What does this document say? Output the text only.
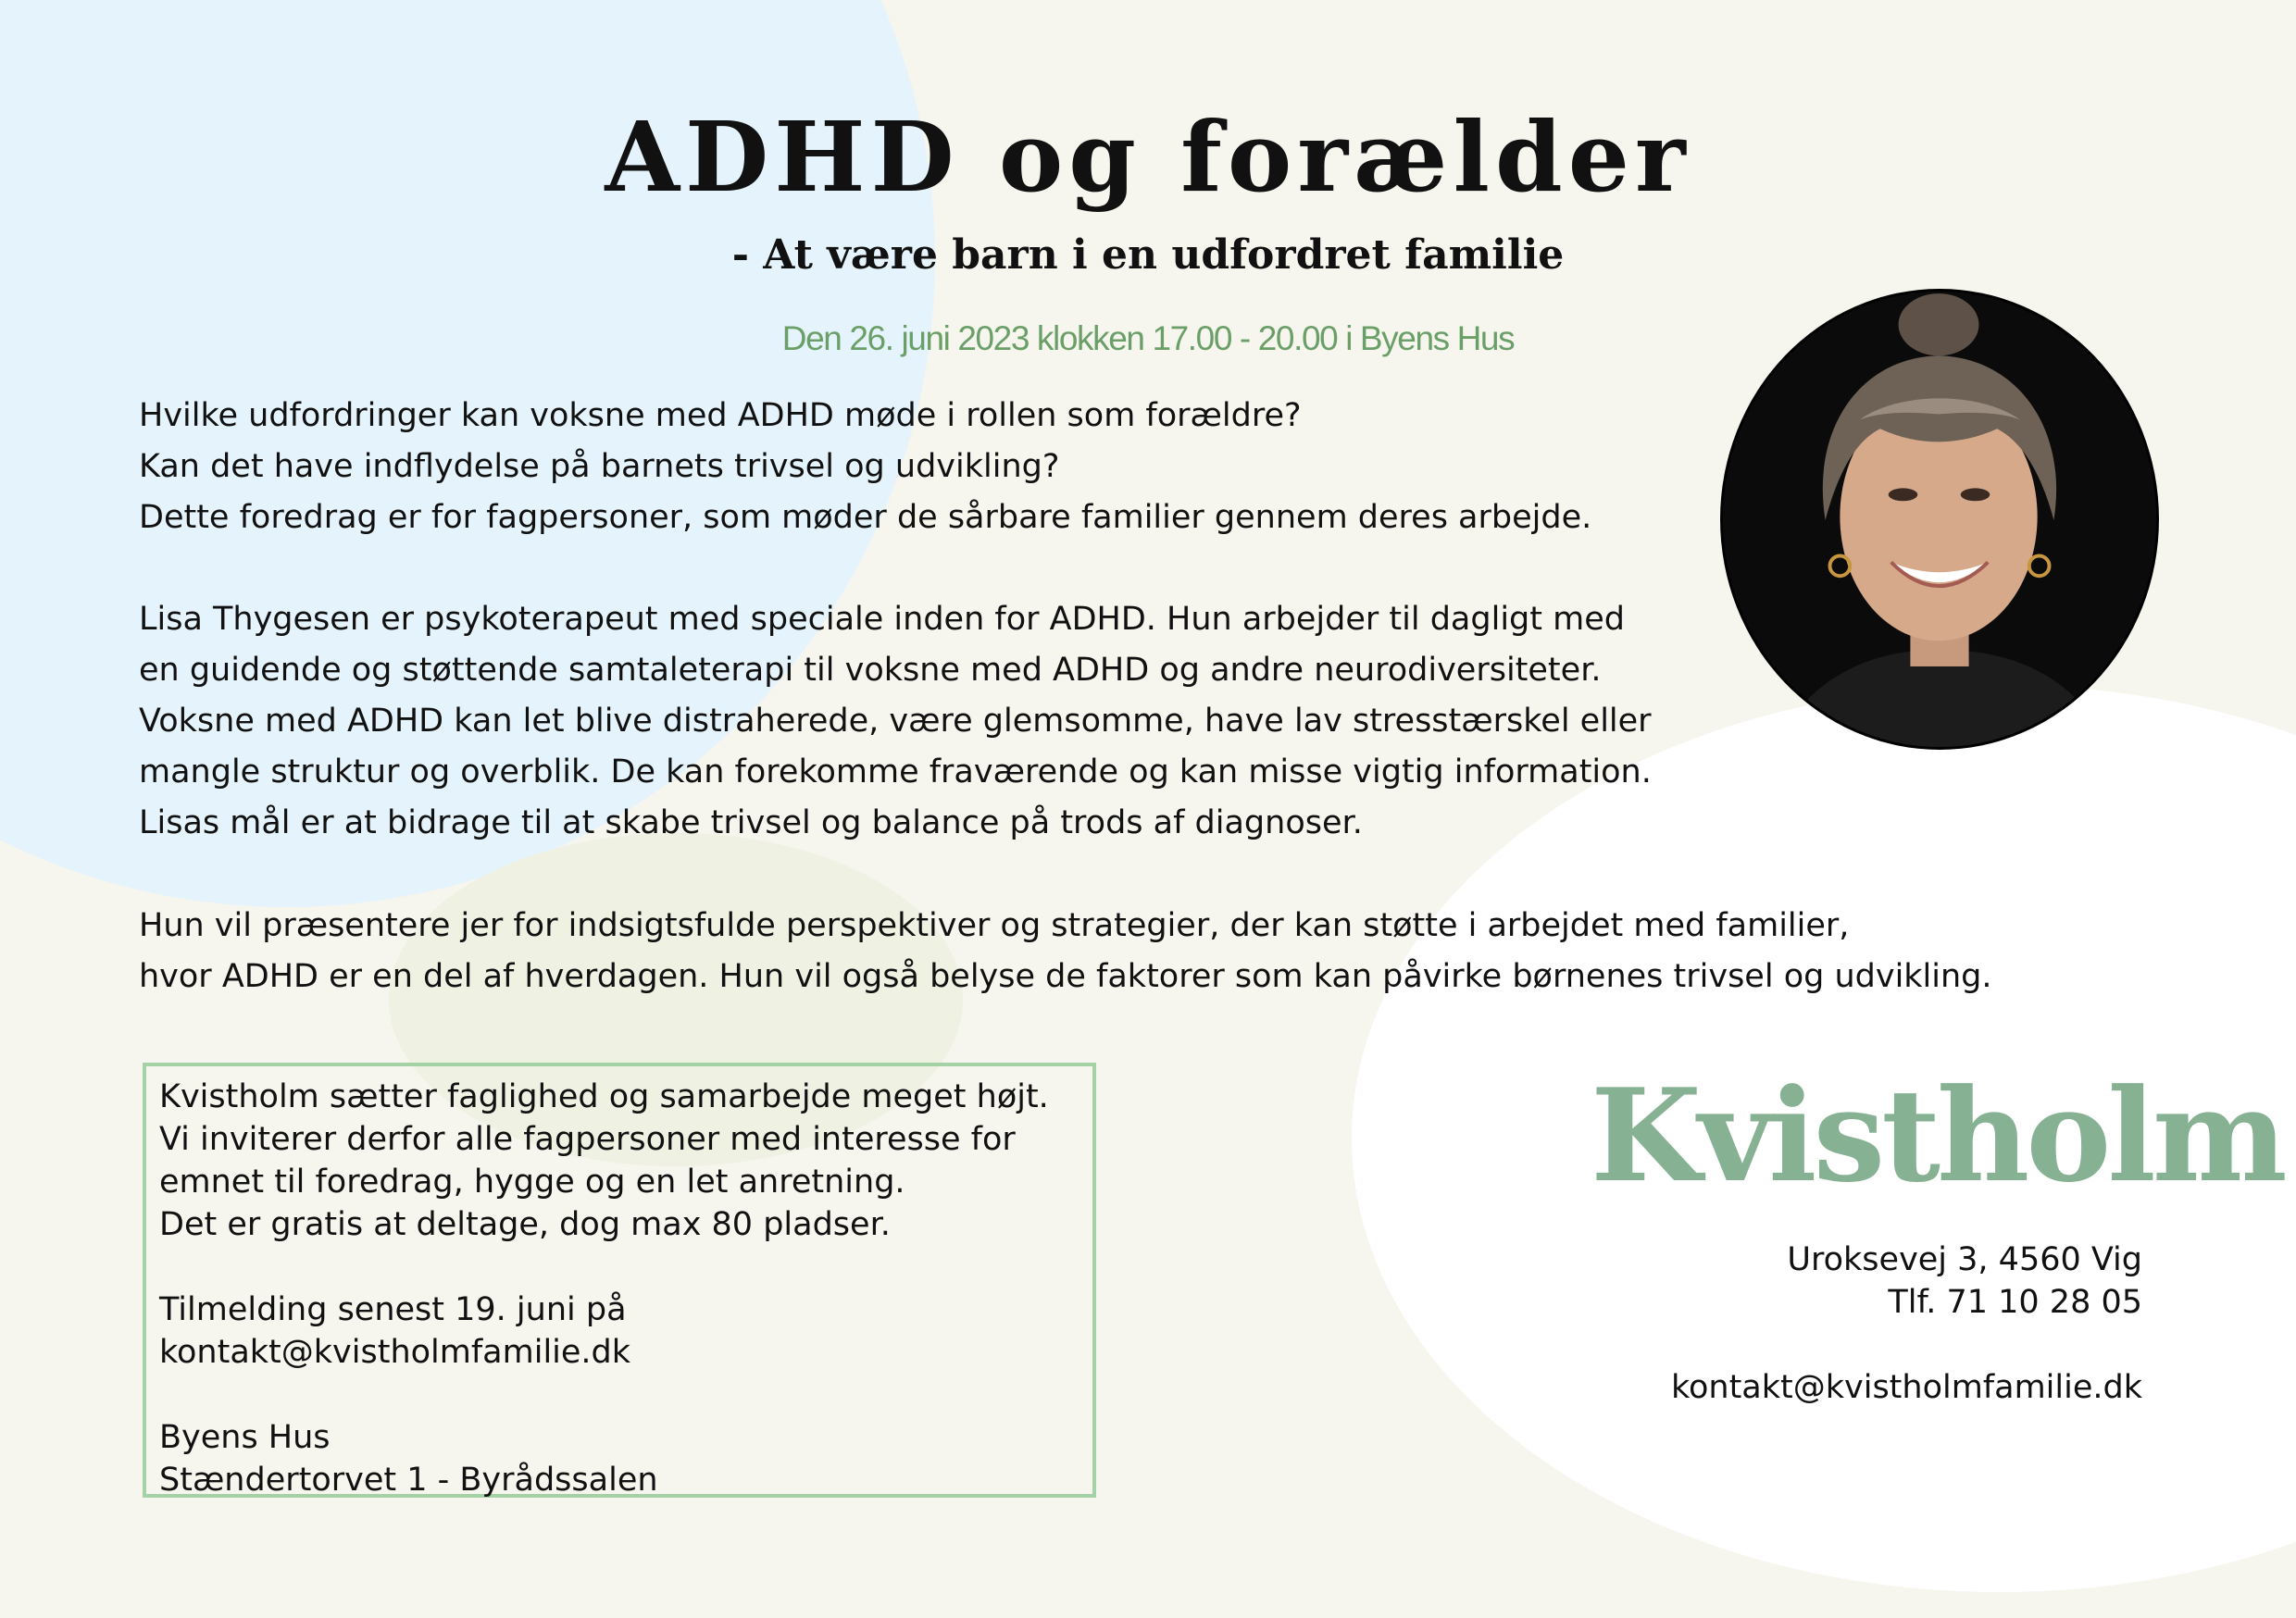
ADHD og forælder
- At være barn i en udfordret familie
Den 26. juni 2023 klokken 17.00 - 20.00 i Byens Hus
Hvilke udfordringer kan voksne med ADHD møde i rollen som forældre?
Kan det have indflydelse på barnets trivsel og udvikling?
Dette foredrag er for fagpersoner, som møder de sårbare familier gennem deres arbejde.
Lisa Thygesen er psykoterapeut med speciale inden for ADHD. Hun arbejder til dagligt med
en guidende og støttende samtaleterapi til voksne med ADHD og andre neurodiversiteter.
Voksne med ADHD kan let blive distraherede, være glemsomme, have lav stresstærskel eller
mangle struktur og overblik. De kan forekomme fraværende og kan misse vigtig information.
Lisas mål er at bidrage til at skabe trivsel og balance på trods af diagnoser.
Hun vil præsentere jer for indsigtsfulde perspektiver og strategier, der kan støtte i arbejdet med familier,
hvor ADHD er en del af hverdagen. Hun vil også belyse de faktorer som kan påvirke børnenes trivsel og udvikling.
Kvistholm sætter faglighed og samarbejde meget højt.
Vi inviterer derfor alle fagpersoner med interesse for
emnet til foredrag, hygge og en let anretning.
Det er gratis at deltage, dog max 80 pladser.
Tilmelding senest 19. juni på
kontakt@kvistholmfamilie.dk
Byens Hus
Stændertorvet 1 - Byrådssalen
Kvistholm
Uroksevej 3, 4560 Vig
Tlf. 71 10 28 05
kontakt@kvistholmfamilie.dk
